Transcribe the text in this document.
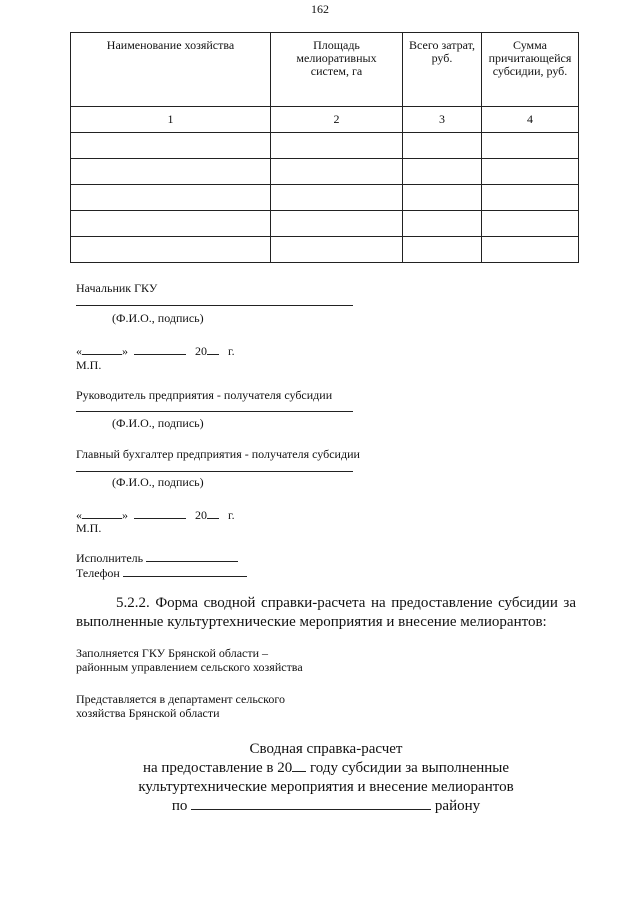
162
Наименование хозяйства	Площадь мелиоративных систем, га	Всего затрат, руб.	Сумма причитающейся субсидии, руб.

1	2	3	4

Начальник ГКУ
(Ф.И.О., подпись)
«	»	20 г.
М.П.
Руководитель предприятия - получателя субсидии
(Ф.И.О., подпись)
Главный бухгалтер предприятия - получателя субсидии
(Ф.И.О., подпись)
«	»	20 г.
М.П.
Исполнитель
Телефон
5.2.2. Форма сводной справки-расчета на предоставление субсидии за
выполненные культуртехнические мероприятия и внесение мелиорантов:
Заполняется ГКУ Брянской области –
районным управлением сельского хозяйства
Представляется в департамент сельского
хозяйства Брянской области
Сводная справка-расчет
на предоставление в 20 году субсидии за выполненные
культуртехнические мероприятия и внесение мелиорантов
по	району
